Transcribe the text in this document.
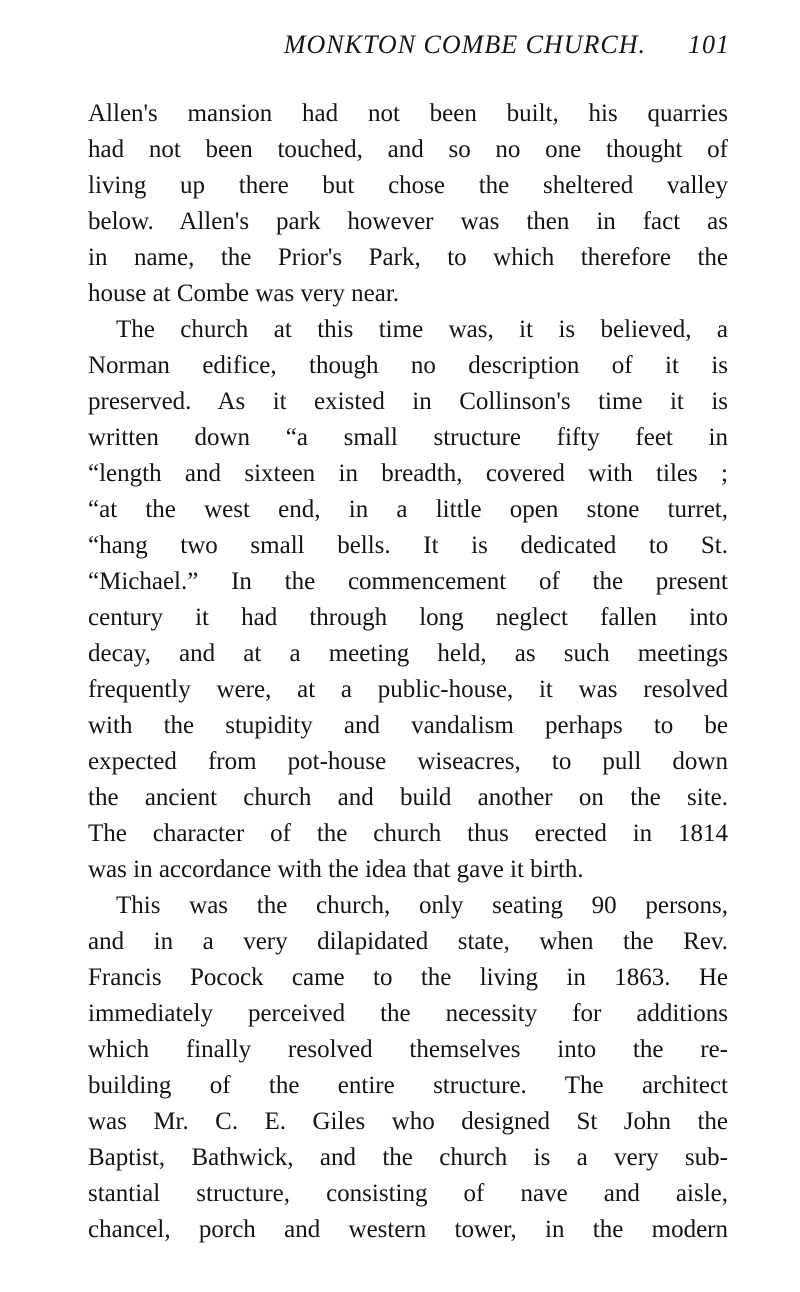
MONKTON COMBE CHURCH. 101
Allen's mansion had not been built, his quarries
had not been touched, and so no one thought of
living up there but chose the sheltered valley
below. Allen's park however was then in fact as
in name, the Prior's Park, to which therefore the
house at Combe was very near.
The church at this time was, it is believed, a
Norman edifice, though no description of it is
preserved. As it existed in Collinson's time it is
written down “a small structure fifty feet in
“length and sixteen in breadth, covered with tiles ;
“at the west end, in a little open stone turret,
“hang two small bells. It is dedicated to St.
“Michael.” In the commencement of the present
century it had through long neglect fallen into
decay, and at a meeting held, as such meetings
frequently were, at a public-house, it was resolved
with the stupidity and vandalism perhaps to be
expected from pot-house wiseacres, to pull down
the ancient church and build another on the site.
The character of the church thus erected in 1814
was in accordance with the idea that gave it birth.
This was the church, only seating 90 persons,
and in a very dilapidated state, when the Rev.
Francis Pocock came to the living in 1863. He
immediately perceived the necessity for additions
which finally resolved themselves into the re-
building of the entire structure. The architect
was Mr. C. E. Giles who designed St John the
Baptist, Bathwick, and the church is a very sub-
stantial structure, consisting of nave and aisle,
chancel, porch and western tower, in the modern
